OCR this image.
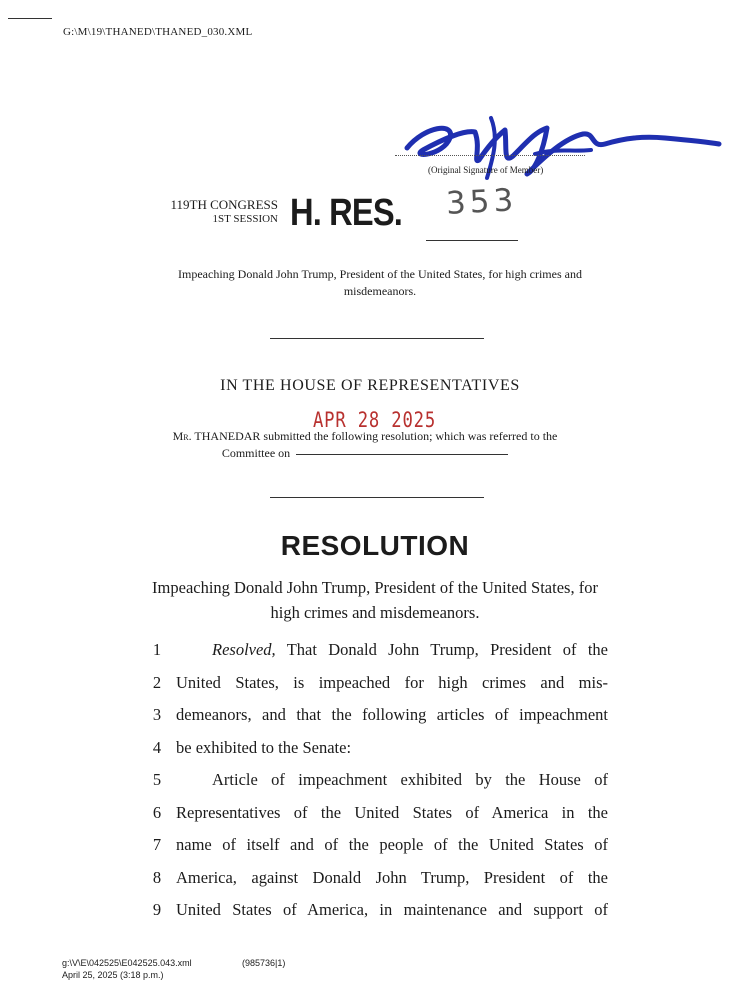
G:\M\19\THANED\THANED_030.XML
(Original Signature of Member)
119TH CONGRESS
1ST SESSION H. RES. 353
Impeaching Donald John Trump, President of the United States, for high crimes and misdemeanors.
IN THE HOUSE OF REPRESENTATIVES
APR 28 2025
Mr. THANEDAR submitted the following resolution; which was referred to the
Committee on
RESOLUTION
Impeaching Donald John Trump, President of the United States, for high crimes and misdemeanors.
1	Resolved, That Donald John Trump, President of the
2 United States, is impeached for high crimes and mis-
3 demeanors, and that the following articles of impeachment
4 be exhibited to the Senate:
5	Article of impeachment exhibited by the House of
6 Representatives of the United States of America in the
7 name of itself and of the people of the United States of
8 America, against Donald John Trump, President of the
9 United States of America, in maintenance and support of
g:\V\E\042525\E042525.043.xml	(985736|1)
April 25, 2025 (3:18 p.m.)
